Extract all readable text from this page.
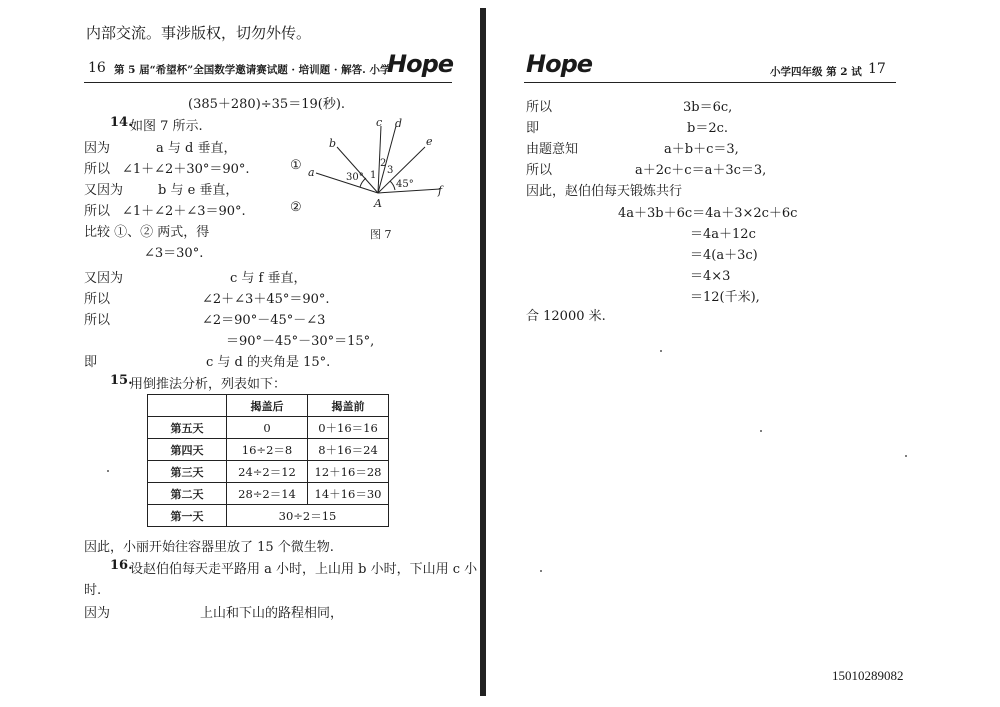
内部交流。事涉版权，切勿外传。
16 第 5 届“希望杯”全国数学邀请赛试题 · 培训题 · 解答. 小学
Hope
(385＋280)÷35＝19(秒).
14.
如图 7 所示.
因为	a 与 d 垂直，
所以 ∠1＋∠2＋30°＝90°.	①
又因为	b 与 e 垂直，
所以 ∠1＋∠2＋∠3＝90°.	②
比较 ①、② 两式，得
∠3＝30°.
又因为	c 与 f 垂直，
所以	∠2＋∠3＋45°＝90°.
所以	∠2＝90°－45°－∠3
＝90°－45°－30°＝15°,
即	c 与 d 的夹角是 15°.
15.
用倒推法分析，列表如下：
	揭盖后	揭盖前
第五天	0	0＋16＝16
第四天	16÷2＝8	8＋16＝24
第三天	24÷2＝12	12＋16＝28
第二天	28÷2＝14	14＋16＝30
第一天	30÷2＝15	
因此，小丽开始往容器里放了 15 个微生物.
16.
设赵伯伯每天走平路用 a 小时，上山用 b 小时，下山用 c 小
时.
因为	上山和下山的路程相同，
a
b
c d
e
f
A
1
2
3
30°
45°
图 7
Hope	小学四年级 第 2 试 17
所以	3b＝6c,
即	b＝2c.
由题意知	a＋b＋c＝3,
所以	a＋2c＋c＝a＋3c＝3,
因此，赵伯伯每天锻炼共行
4a＋3b＋6c＝4a＋3×2c＋6c
＝4a＋12c
＝4(a＋3c)
＝4×3
＝12(千米),
合 12000 米.
15010289082
